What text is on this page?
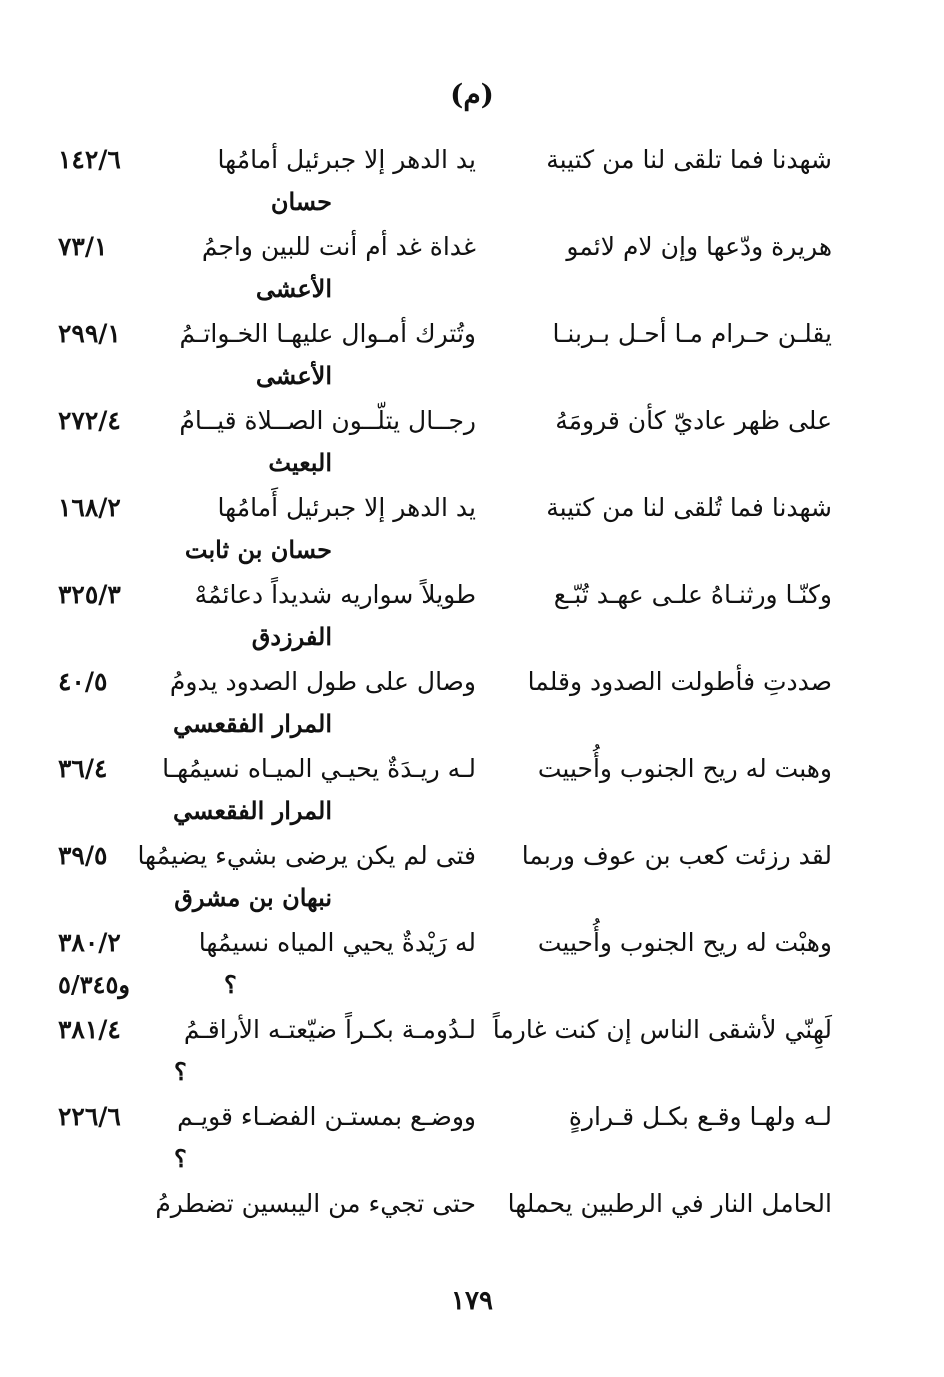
(م)
شهدنا فما تلقى لنا من كتيبة
يد الدهر إلا جبرئيل أمامُها
١٤٢/٦
حسان
هريرة ودّعها وإن لام لائمو
غداة غد أم أنت للبين واجمُ
٧٣/١
الأعشى
يقلـن حـرام مـا أحـل بـربنـا
وتُترك أمـوال عليهـا الخـواتـمُ
٢٩٩/١
الأعشى
على ظهر عاديّ كأن قرومَهُ
رجــال يتلّــون الصــلاة قيــامُ
٢٧٢/٤
البعيث
شهدنا فما تُلقى لنا من كتيبة
يد الدهر إلا جبرئيل أَمامُها
١٦٨/٢
حسان بن ثابت
وكنّـا ورثنـاهُ علـى عهـد تُبّـع
طويلاً سواريه شديداً دعائمُهْ
٣٢٥/٣
الفرزدق
صددتِ فأطولت الصدود وقلما
وصال على طول الصدود يدومُ
٤٠/٥
المرار الفقعسي
وهبت له ريح الجنوب وأُحييت
لـه ريـدَةٌ يحيـي الميـاه نسيمُهـا
٣٦/٤
المرار الفقعسي
لقد رزئت كعب بن عوف وربما
فتى لم يكن يرضى بشيء يضيمُها
٣٩/٥
نبهان بن مشرق
وهبْت له ريح الجنوب وأُحييت
له رَيْدةٌ يحيي المياه نسيمُها
٣٨٠/٢
؟
و٥/٣٤٥
لَهِنّي لأشقى الناس إن كنت غارماً
لـدُومـة بكـراً ضيّعتـه الأراقـمُ
٣٨١/٤
؟
لـه ولهـا وقـع بكـل قـرارةٍ
ووضـع بمستـن الفضـاء قويـم
٢٢٦/٦
؟
الحامل النار في الرطبين يحملها
حتى تجيء من اليبسين تضطرمُ
١٧٩
